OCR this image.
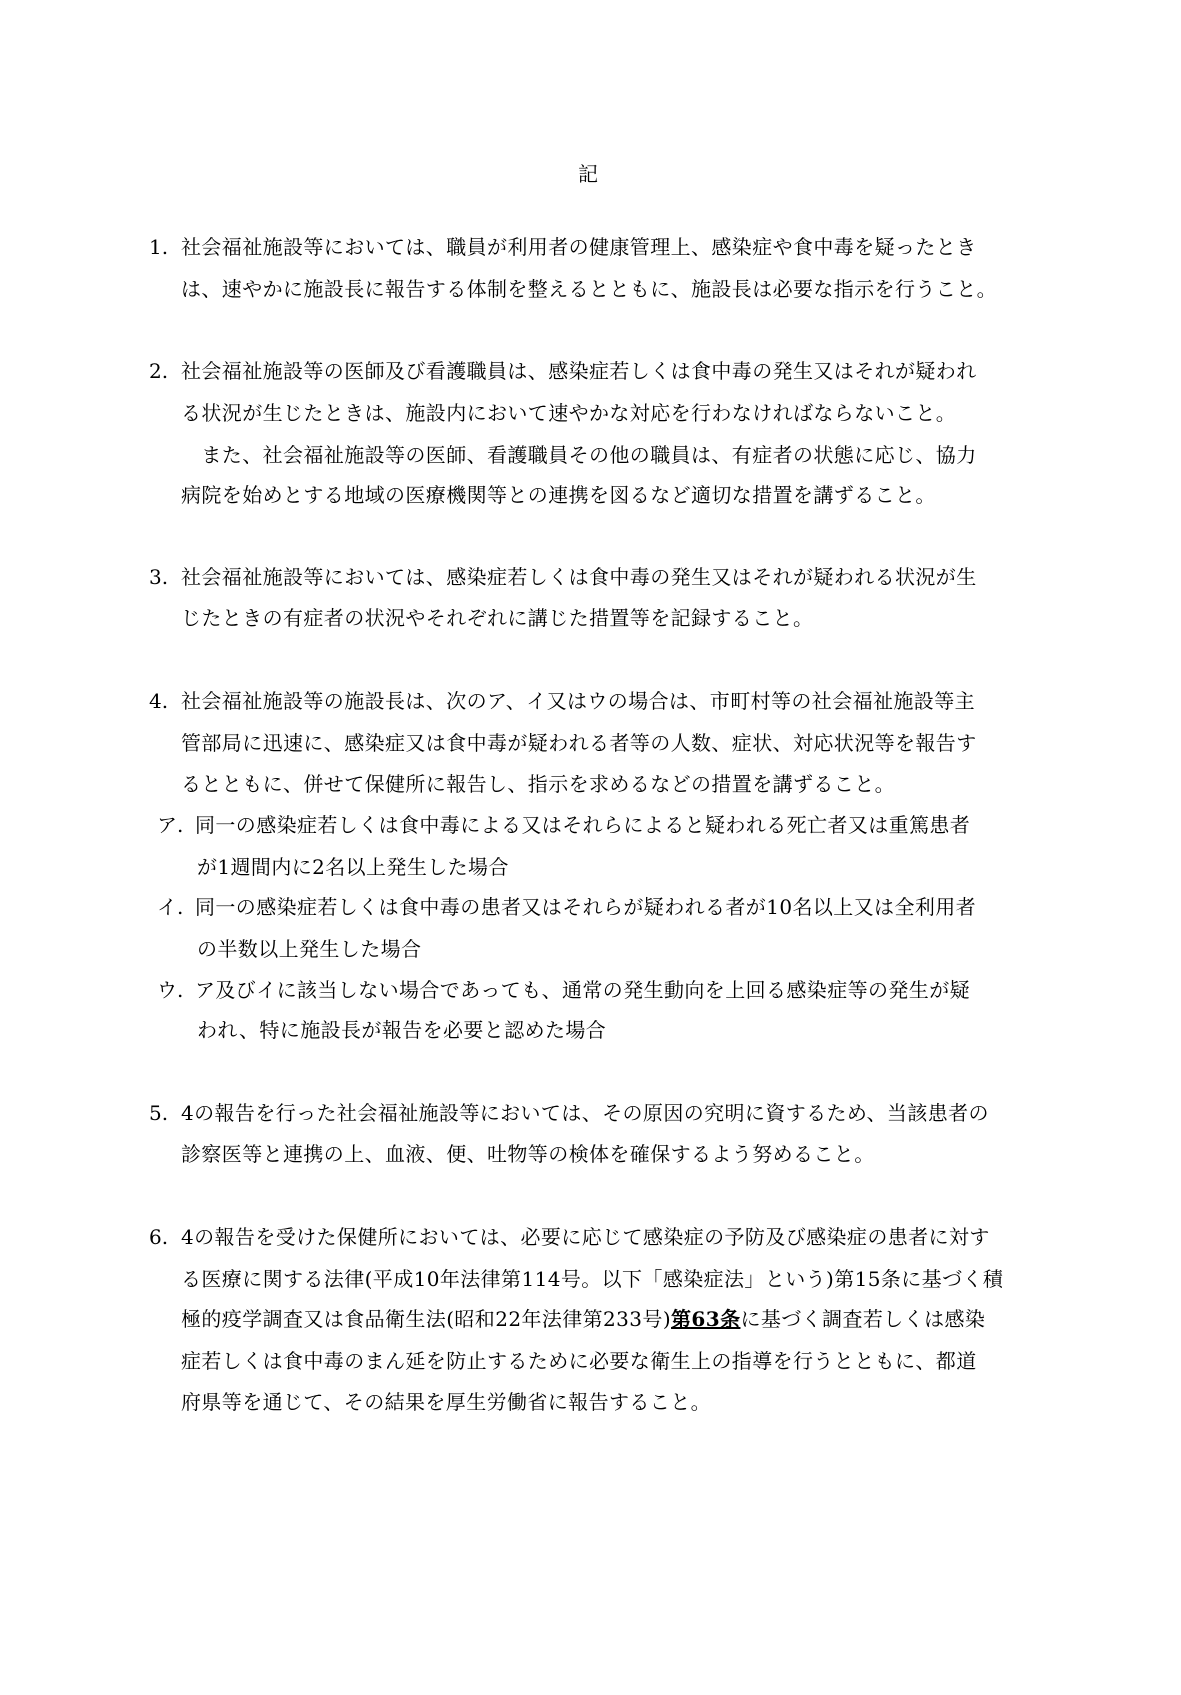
記
1. 社会福祉施設等においては、職員が利用者の健康管理上、感染症や食中毒を疑ったとき
は、速やかに施設長に報告する体制を整えるとともに、施設長は必要な指示を行うこと。
2. 社会福祉施設等の医師及び看護職員は、感染症若しくは食中毒の発生又はそれが疑われ
る状況が生じたときは、施設内において速やかな対応を行わなければならないこと。
　また、社会福祉施設等の医師、看護職員その他の職員は、有症者の状態に応じ、協力
病院を始めとする地域の医療機関等との連携を図るなど適切な措置を講ずること。
3. 社会福祉施設等においては、感染症若しくは食中毒の発生又はそれが疑われる状況が生
じたときの有症者の状況やそれぞれに講じた措置等を記録すること。
4. 社会福祉施設等の施設長は、次のア、イ又はウの場合は、市町村等の社会福祉施設等主
管部局に迅速に、感染症又は食中毒が疑われる者等の人数、症状、対応状況等を報告す
るとともに、併せて保健所に報告し、指示を求めるなどの措置を講ずること。
ア. 同一の感染症若しくは食中毒による又はそれらによると疑われる死亡者又は重篤患者
が1週間内に2名以上発生した場合
イ. 同一の感染症若しくは食中毒の患者又はそれらが疑われる者が10名以上又は全利用者
の半数以上発生した場合
ウ. ア及びイに該当しない場合であっても、通常の発生動向を上回る感染症等の発生が疑
われ、特に施設長が報告を必要と認めた場合
5. 4の報告を行った社会福祉施設等においては、その原因の究明に資するため、当該患者の
診察医等と連携の上、血液、便、吐物等の検体を確保するよう努めること。
6. 4の報告を受けた保健所においては、必要に応じて感染症の予防及び感染症の患者に対す
る医療に関する法律(平成10年法律第114号。以下「感染症法」という)第15条に基づく積
極的疫学調査又は食品衛生法(昭和22年法律第233号)第63条に基づく調査若しくは感染
症若しくは食中毒のまん延を防止するために必要な衛生上の指導を行うとともに、都道
府県等を通じて、その結果を厚生労働省に報告すること。
